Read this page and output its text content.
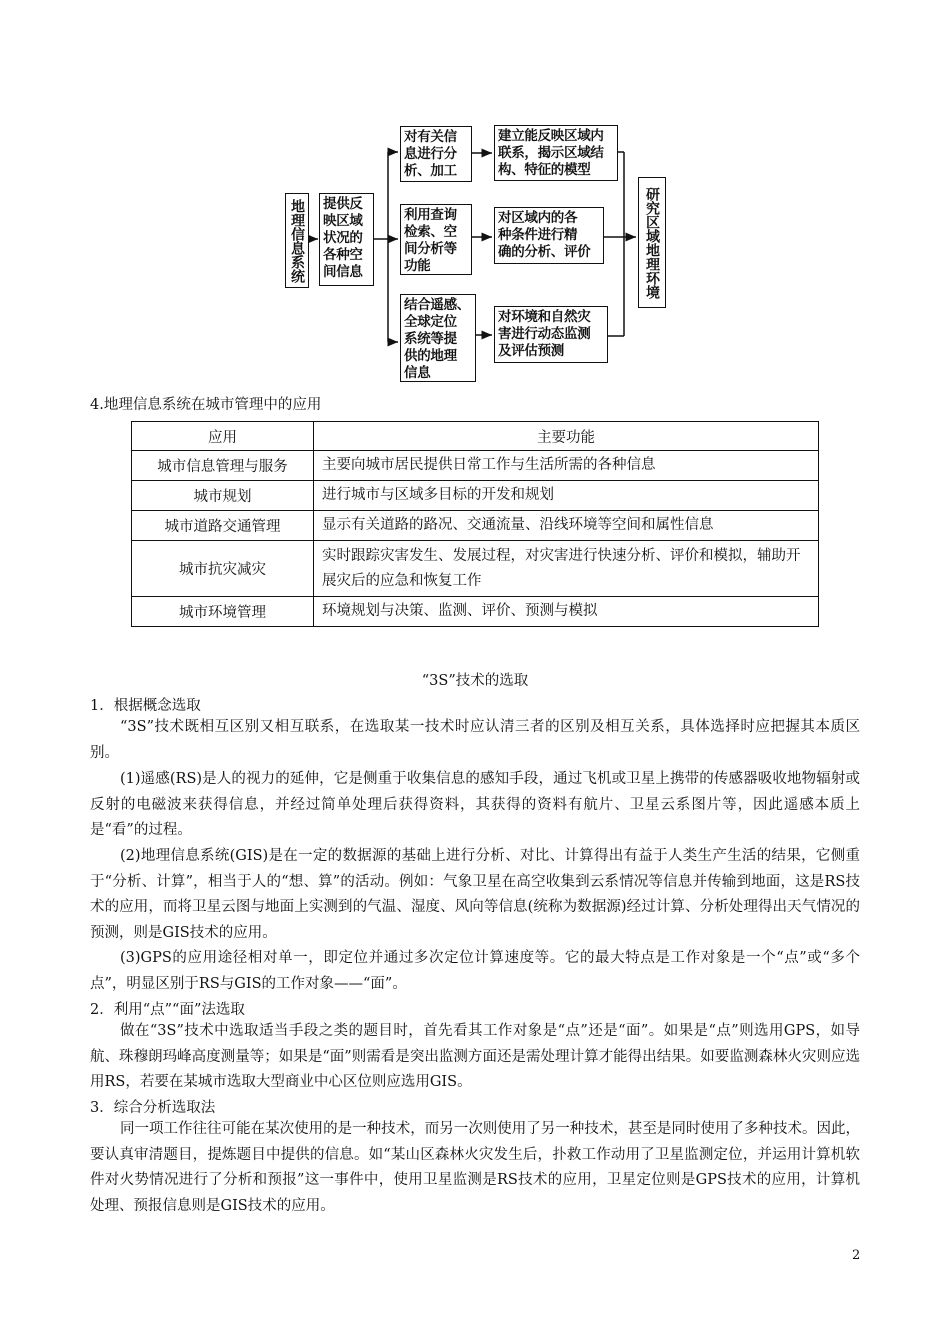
地理信息系统 提供反
映区域
状况的
各种空
间信息
对有关信
息进行分
析、加工
利用查询
检索、空
间分析等
功能
结合遥感、
全球定位
系统等提
供的地理
信息
建立能反映区域内
联系，揭示区域结
构、特征的模型
对区域内的各
种条件进行精
确的分析、评价
对环境和自然灾
害进行动态监测
及评估预测
研究区域地理环境
4.地理信息系统在城市管理中的应用
应用	主要功能
城市信息管理与服务	主要向城市居民提供日常工作与生活所需的各种信息
城市规划	进行城市与区域多目标的开发和规划
城市道路交通管理	显示有关道路的路况、交通流量、沿线环境等空间和属性信息
城市抗灾减灾	实时跟踪灾害发生、发展过程，对灾害进行快速分析、评价和模拟，辅助开展灾后的应急和恢复工作
城市环境管理	环境规划与决策、监测、评价、预测与模拟
“3S”技术的选取
1．根据概念选取
“3S”技术既相互区别又相互联系，在选取某一技术时应认清三者的区别及相互关系，具体选择时应把握其本质区别。
(1)遥感(RS)是人的视力的延伸，它是侧重于收集信息的感知手段，通过飞机或卫星上携带的传感器吸收地物辐射或反射的电磁波来获得信息，并经过简单处理后获得资料，其获得的资料有航片、卫星云系图片等，因此遥感本质上是“看”的过程。
(2)地理信息系统(GIS)是在一定的数据源的基础上进行分析、对比、计算得出有益于人类生产生活的结果，它侧重于“分析、计算”，相当于人的“想、算”的活动。例如：气象卫星在高空收集到云系情况等信息并传输到地面，这是RS技术的应用，而将卫星云图与地面上实测到的气温、湿度、风向等信息(统称为数据源)经过计算、分析处理得出天气情况的预测，则是GIS技术的应用。
(3)GPS的应用途径相对单一，即定位并通过多次定位计算速度等。它的最大特点是工作对象是一个“点”或“多个点”，明显区别于RS与GIS的工作对象——“面”。
2．利用“点”“面”法选取
做在“3S”技术中选取适当手段之类的题目时，首先看其工作对象是“点”还是“面”。如果是“点”则选用GPS，如导航、珠穆朗玛峰高度测量等；如果是“面”则需看是突出监测方面还是需处理计算才能得出结果。如要监测森林火灾则应选用RS，若要在某城市选取大型商业中心区位则应选用GIS。
3．综合分析选取法
同一项工作往往可能在某次使用的是一种技术，而另一次则使用了另一种技术，甚至是同时使用了多种技术。因此，要认真审清题目，提炼题目中提供的信息。如“某山区森林火灾发生后，扑救工作动用了卫星监测定位，并运用计算机软件对火势情况进行了分析和预报”这一事件中，使用卫星监测是RS技术的应用，卫星定位则是GPS技术的应用，计算机处理、预报信息则是GIS技术的应用。
2
